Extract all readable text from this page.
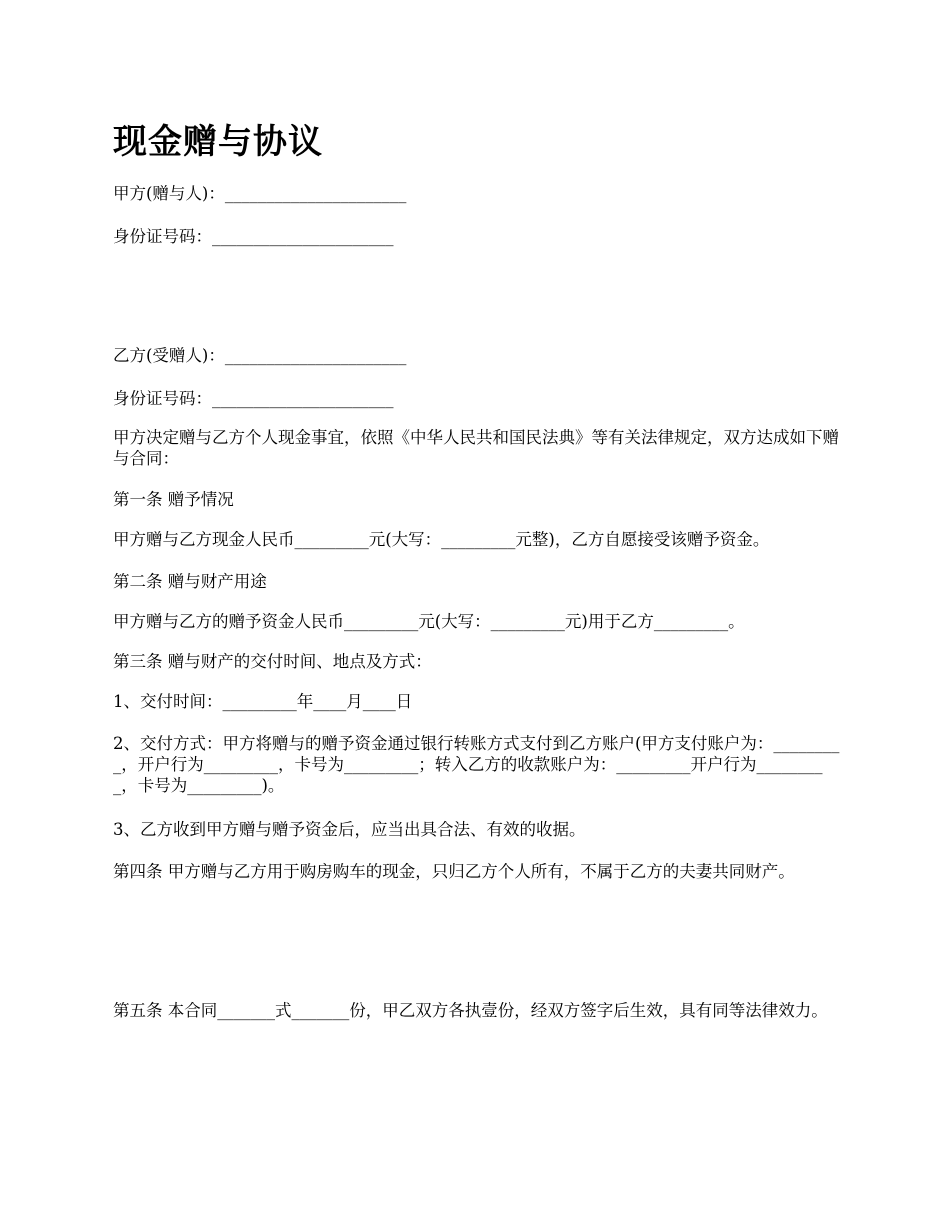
现金赠与协议
甲方(赠与人)：______________________
身份证号码：______________________
乙方(受赠人)：______________________
身份证号码：______________________
甲方决定赠与乙方个人现金事宜，依照《中华人民共和国民法典》等有关法律规定，双方达成如下赠与合同：
第一条 赠予情况
甲方赠与乙方现金人民币_________元(大写：_________元整)，乙方自愿接受该赠予资金。
第二条 赠与财产用途
甲方赠与乙方的赠予资金人民币_________元(大写：_________元)用于乙方_________。
第三条 赠与财产的交付时间、地点及方式：
1、交付时间：_________年____月____日
2、交付方式：甲方将赠与的赠予资金通过银行转账方式支付到乙方账户(甲方支付账户为：_________，开户行为_________，卡号为_________；转入乙方的收款账户为：_________开户行为_________，卡号为_________)。
3、乙方收到甲方赠与赠予资金后，应当出具合法、有效的收据。
第四条 甲方赠与乙方用于购房购车的现金，只归乙方个人所有，不属于乙方的夫妻共同财产。
第五条 本合同_______式_______份，甲乙双方各执壹份，经双方签字后生效，具有同等法律效力。
